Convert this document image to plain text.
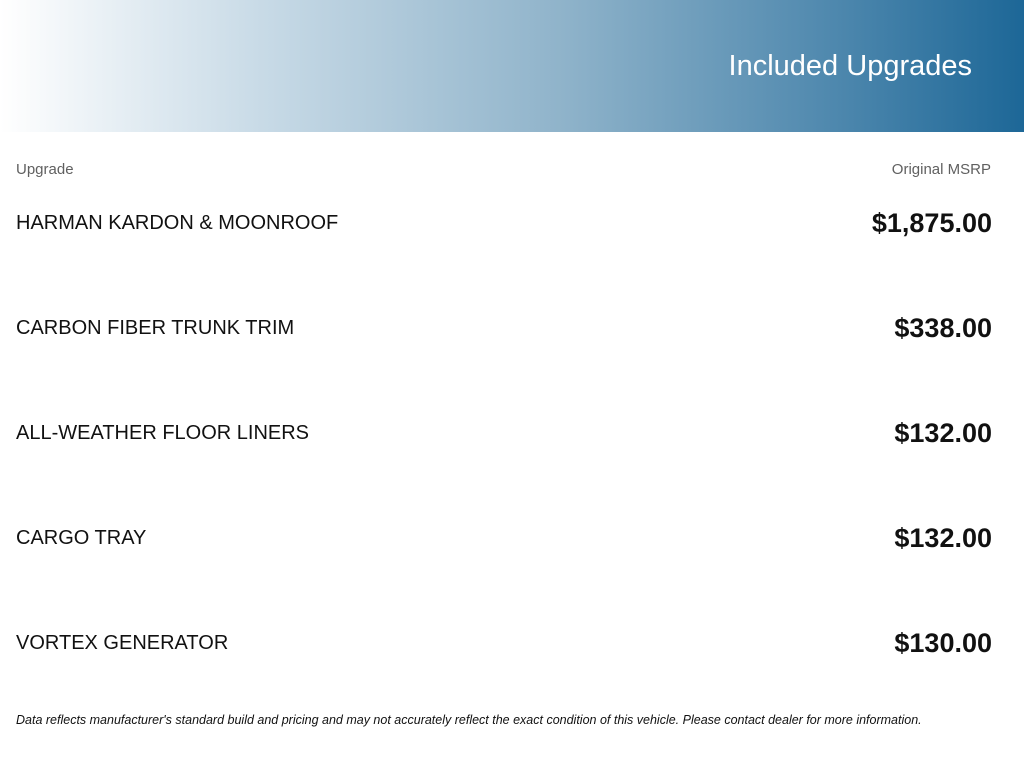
Included Upgrades
Upgrade	Original MSRP
HARMAN KARDON & MOONROOF	$1,875.00
CARBON FIBER TRUNK TRIM	$338.00
ALL-WEATHER FLOOR LINERS	$132.00
CARGO TRAY	$132.00
VORTEX GENERATOR	$130.00
Data reflects manufacturer's standard build and pricing and may not accurately reflect the exact condition of this vehicle. Please contact dealer for more information.
